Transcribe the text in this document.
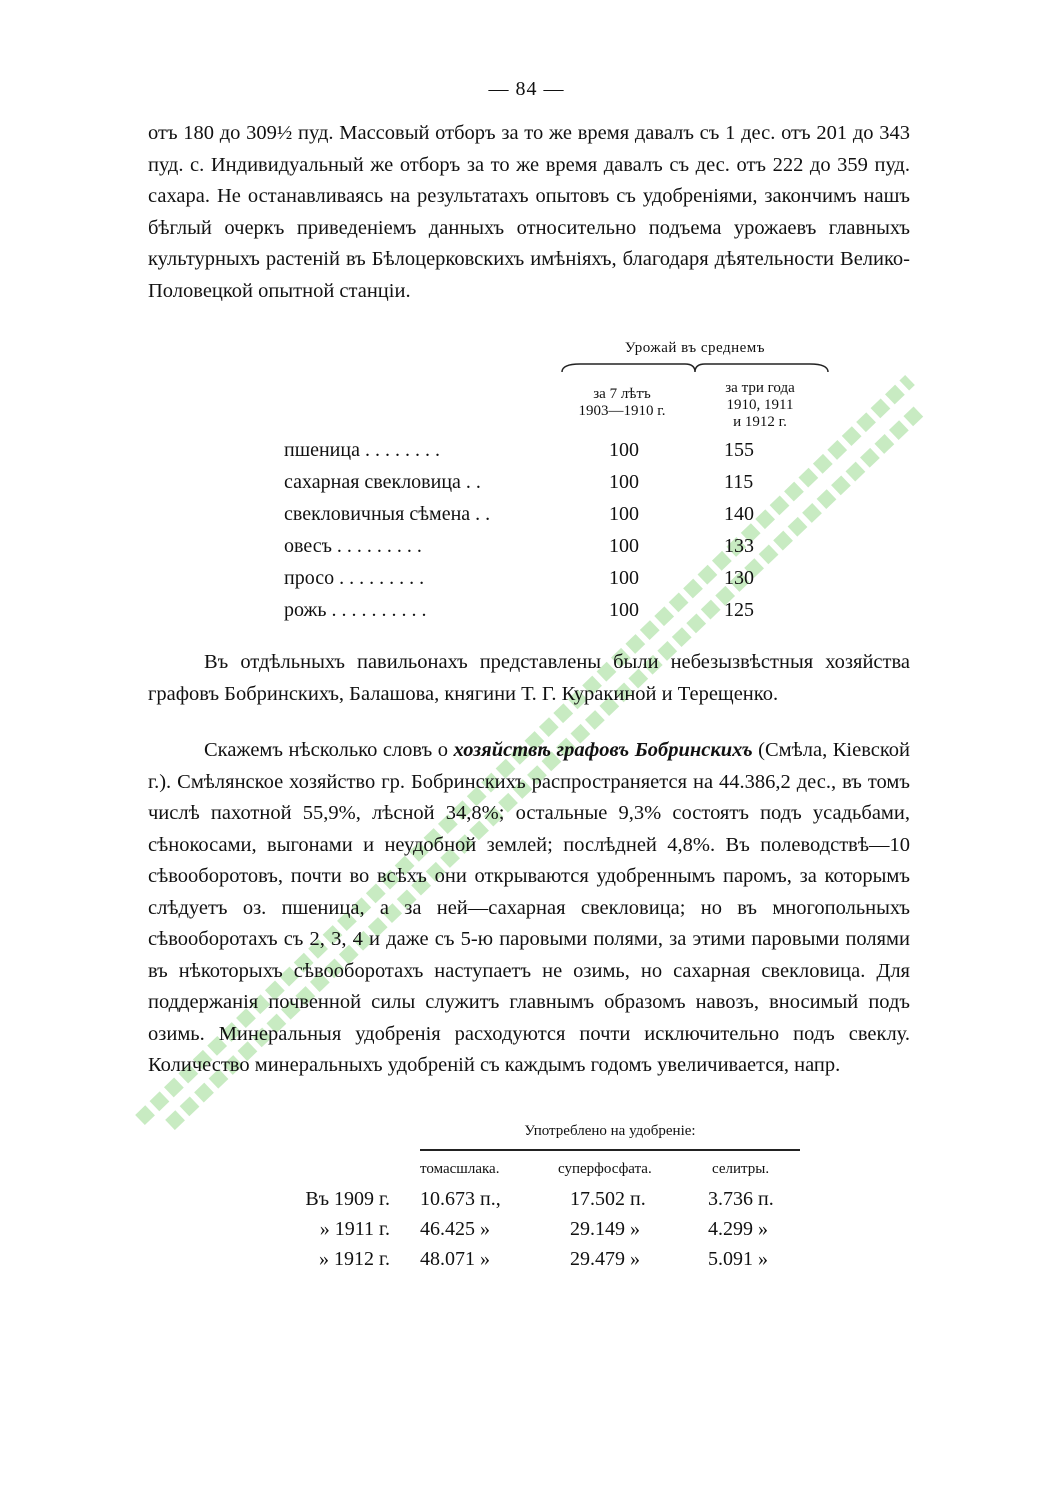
— 84 —

отъ 180 до 309½ пуд. Массовый отборъ за то же время давалъ съ 1 дес. отъ 201 до 343 пуд. с. Индивидуальный же отборъ за то же время давалъ съ дес. отъ 222 до 359 пуд. сахара. Не останавливаясь на результатахъ опытовъ съ удобреніями, закончимъ нашъ бѣглый очеркъ приведеніемъ данныхъ относительно подъема урожаевъ главныхъ культурныхъ растеній въ Бѣлоцерковскихъ имѣніяхъ, благодаря дѣятельности Велико-Половецкой опытной станціи.

Урожай въ среднемъ
за 7 лѣтъ
1903—1910 г.
за три года
1910, 1911
и 1912 г.
пшеница . . . . . . . .	100	155
сахарная свекловица . .	100	115
свекловичныя сѣмена . .	100	140
овесъ . . . . . . . . .	100	133
просо . . . . . . . . .	100	130
рожь . . . . . . . . . .	100	125

Въ отдѣльныхъ павильонахъ представлены были небезызвѣстныя хозяйства графовъ Бобринскихъ, Балашова, княгини Т. Г. Куракиной и Терещенко.

Скажемъ нѣсколько словъ о хозяйствѣ графовъ Бобринскихъ (Смѣла, Кіевской г.). Смѣлянское хозяйство гр. Бобринскихъ распространяется на 44.386,2 дес., въ томъ числѣ пахотной 55,9%, лѣсной 34,8%; остальные 9,3% состоятъ подъ усадьбами, сѣнокосами, выгонами и неудобной землей; послѣдней 4,8%. Въ полеводствѣ—10 сѣвооборотовъ, почти во всѣхъ они открываются удобреннымъ паромъ, за которымъ слѣдуетъ оз. пшеница, а за ней—сахарная свекловица; но въ многопольныхъ сѣвооборотахъ съ 2, 3, 4 и даже съ 5-ю паровыми полями, за этими паровыми полями въ нѣкоторыхъ сѣвооборотахъ наступаетъ не озимь, но сахарная свекловица. Для поддержанія почвенной силы служитъ главнымъ образомъ навозъ, вносимый подъ озимь. Минеральныя удобренія расходуются почти исключительно подъ свеклу. Количество минеральныхъ удобреній съ каждымъ годомъ увеличивается, напр.

Употреблено на удобреніе:
томасшлака.	суперфосфата.	селитры.
Въ 1909 г. 10.673 п.,	17.502 п.	3.736 п.
» 1911 г. 46.425 »	29.149 »	4.299 »
» 1912 г. 48.071 »	29.479 »	5.091 »
